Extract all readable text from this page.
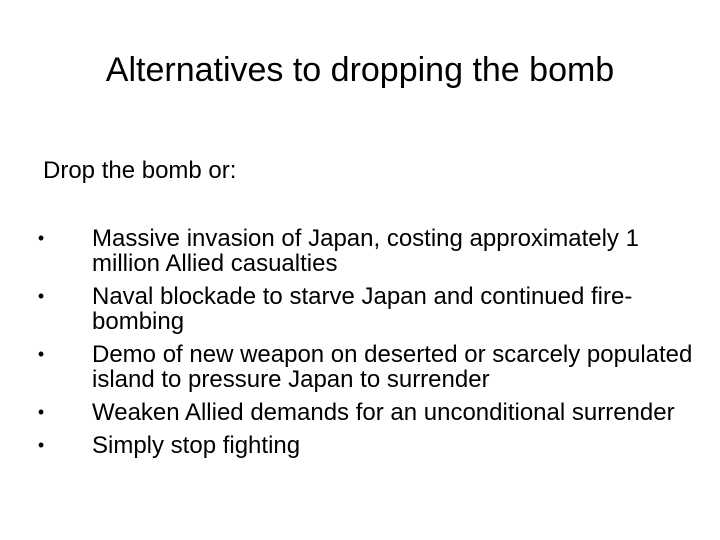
Alternatives to dropping the bomb
Drop the bomb or:
• Massive invasion of Japan, costing approximately 1 million Allied casualties
• Naval blockade to starve Japan and continued fire-bombing
• Demo of new weapon on deserted or scarcely populated island to pressure Japan to surrender
• Weaken Allied demands for an unconditional surrender
• Simply stop fighting
